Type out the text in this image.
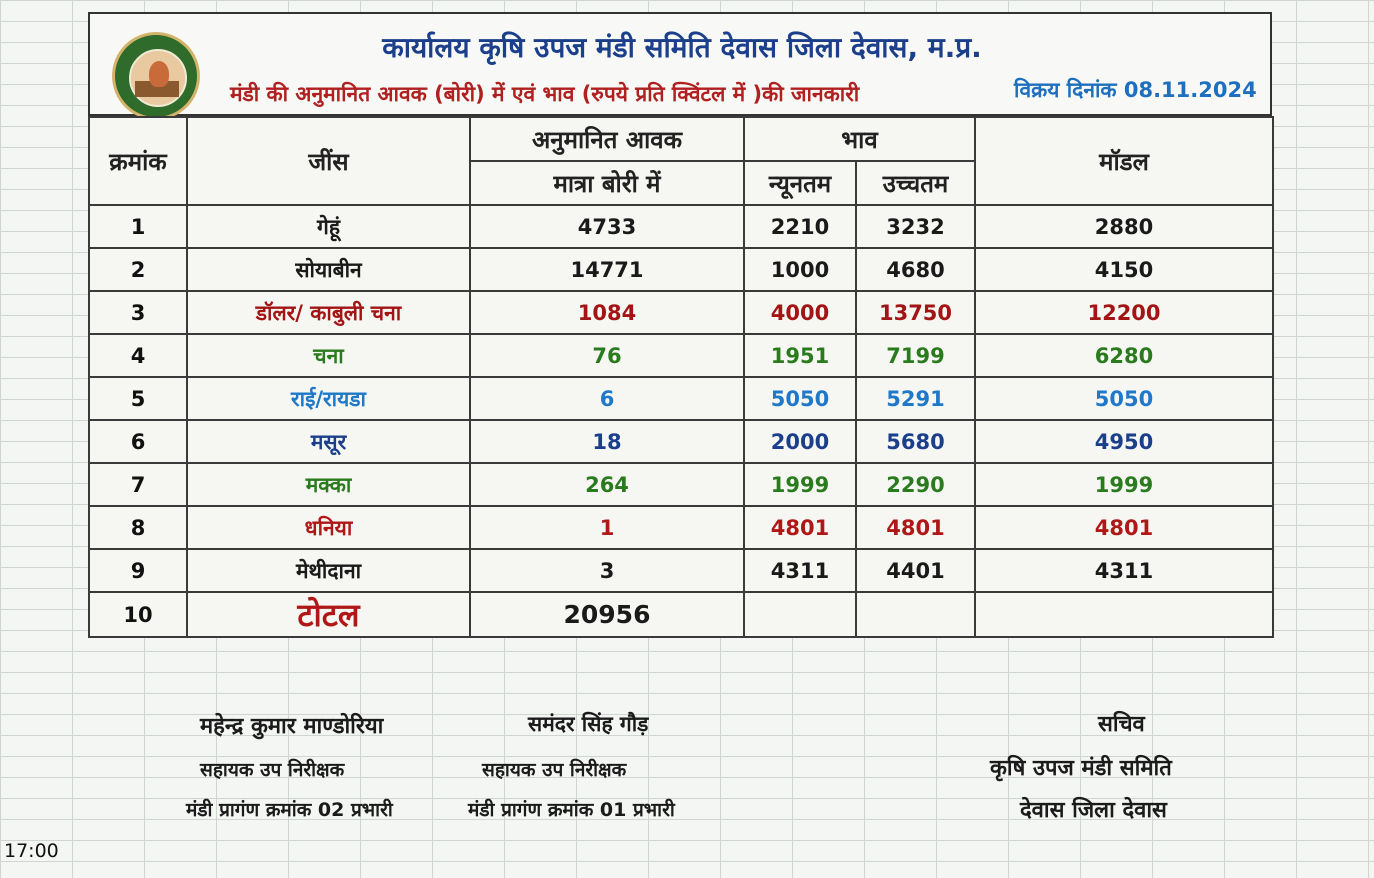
कार्यालय कृषि उपज मंडी समिति देवास जिला देवास, म.प्र.
मंडी की अनुमानित आवक (बोरी) में एवं भाव (रुपये प्रति क्विंटल में )की जानकारी	विक्रय दिनांक 08.11.2024
क्रमांक	जींस	अनुमानित आवक	भाव		मॉडल
		मात्रा बोरी में	न्यूनतम	उच्चतम	
1	गेहूं	4733	2210	3232	2880
2	सोयाबीन	14771	1000	4680	4150
3	डॉलर/ काबुली चना	1084	4000	13750	12200
4	चना	76	1951	7199	6280
5	राई/रायडा	6	5050	5291	5050
6	मसूर	18	2000	5680	4950
7	मक्का	264	1999	2290	1999
8	धनिया	1	4801	4801	4801
9	मेथीदाना	3	4311	4401	4311
10	टोटल	20956			
महेन्द्र कुमार माण्डोरिया
सहायक उप निरीक्षक
मंडी प्रागंण क्रमांक 02 प्रभारी
समंदर सिंह गौड़
सहायक उप निरीक्षक
मंडी प्रागंण क्रमांक 01 प्रभारी
सचिव
कृषि उपज मंडी समिति
देवास जिला देवास
17:00
